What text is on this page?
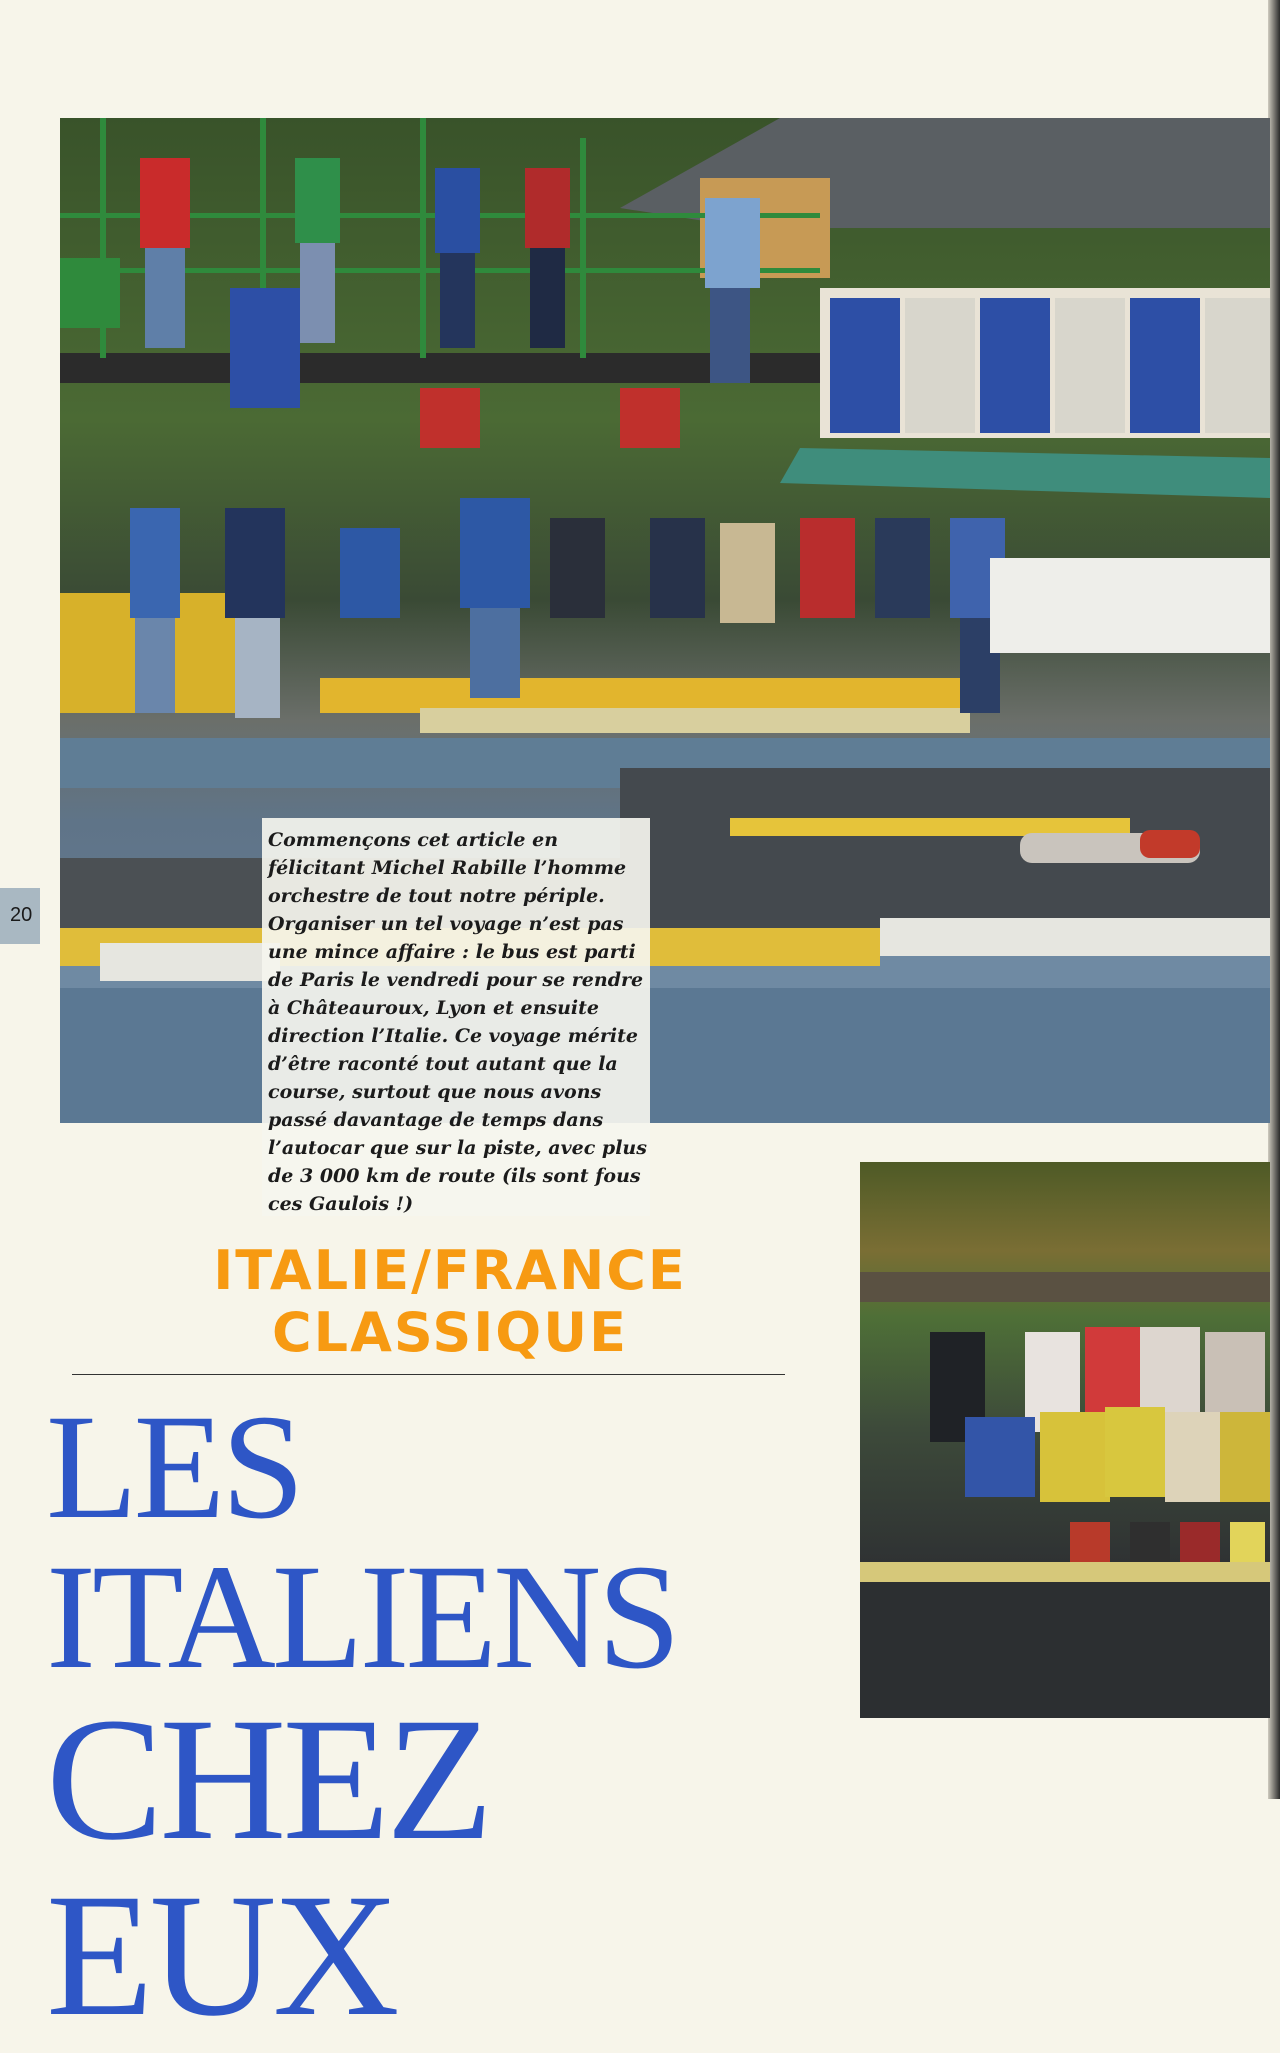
20

Commençons cet article en félicitant Michel Rabille l’homme orchestre de tout notre périple. Organiser un tel voyage n’est pas une mince affaire : le bus est parti de Paris le vendredi pour se rendre à Châteauroux, Lyon et ensuite direction l’Italie. Ce voyage mérite d’être raconté tout autant que la course, surtout que nous avons passé davantage de temps dans l’autocar que sur la piste, avec plus de 3 000 km de route (ils sont fous ces Gaulois !)

ITALIE/FRANCE
CLASSIQUE
LES ITALIENS
CHEZ EUX
